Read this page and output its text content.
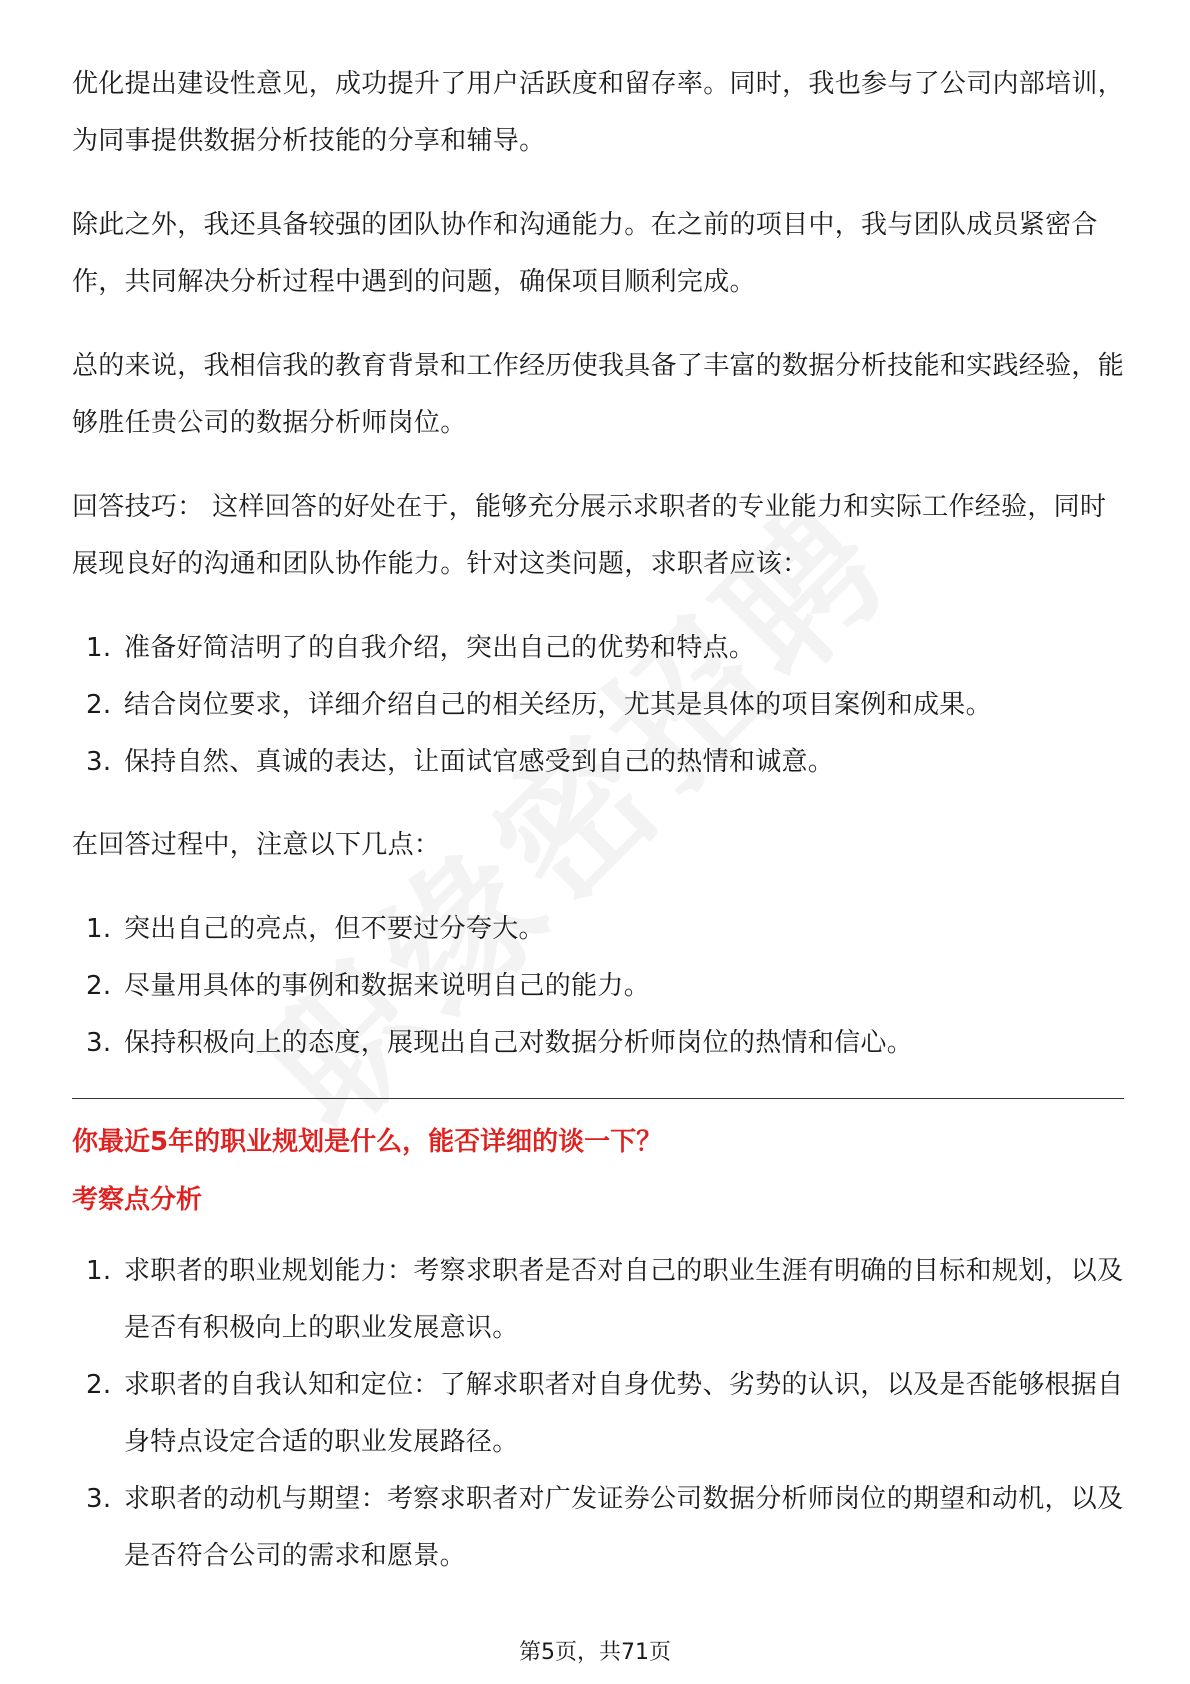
优化提出建设性意见，成功提升了用户活跃度和留存率。同时，我也参与了公司内部培训，为同事提供数据分析技能的分享和辅导。

除此之外，我还具备较强的团队协作和沟通能力。在之前的项目中，我与团队成员紧密合作，共同解决分析过程中遇到的问题，确保项目顺利完成。

总的来说，我相信我的教育背景和工作经历使我具备了丰富的数据分析技能和实践经验，能够胜任贵公司的数据分析师岗位。

回答技巧： 这样回答的好处在于，能够充分展示求职者的专业能力和实际工作经验，同时展现良好的沟通和团队协作能力。针对这类问题，求职者应该：

1. 准备好简洁明了的自我介绍，突出自己的优势和特点。
2. 结合岗位要求，详细介绍自己的相关经历，尤其是具体的项目案例和成果。
3. 保持自然、真诚的表达，让面试官感受到自己的热情和诚意。

在回答过程中，注意以下几点：

1. 突出自己的亮点，但不要过分夸大。
2. 尽量用具体的事例和数据来说明自己的能力。
3. 保持积极向上的态度，展现出自己对数据分析师岗位的热情和信心。
你最近5年的职业规划是什么，能否详细的谈一下？
考察点分析
1. 求职者的职业规划能力：考察求职者是否对自己的职业生涯有明确的目标和规划，以及是否有积极向上的职业发展意识。
2. 求职者的自我认知和定位：了解求职者对自身优势、劣势的认识，以及是否能够根据自身特点设定合适的职业发展路径。
3. 求职者的动机与期望：考察求职者对广发证券公司数据分析师岗位的期望和动机，以及是否符合公司的需求和愿景。
第5页，共71页
